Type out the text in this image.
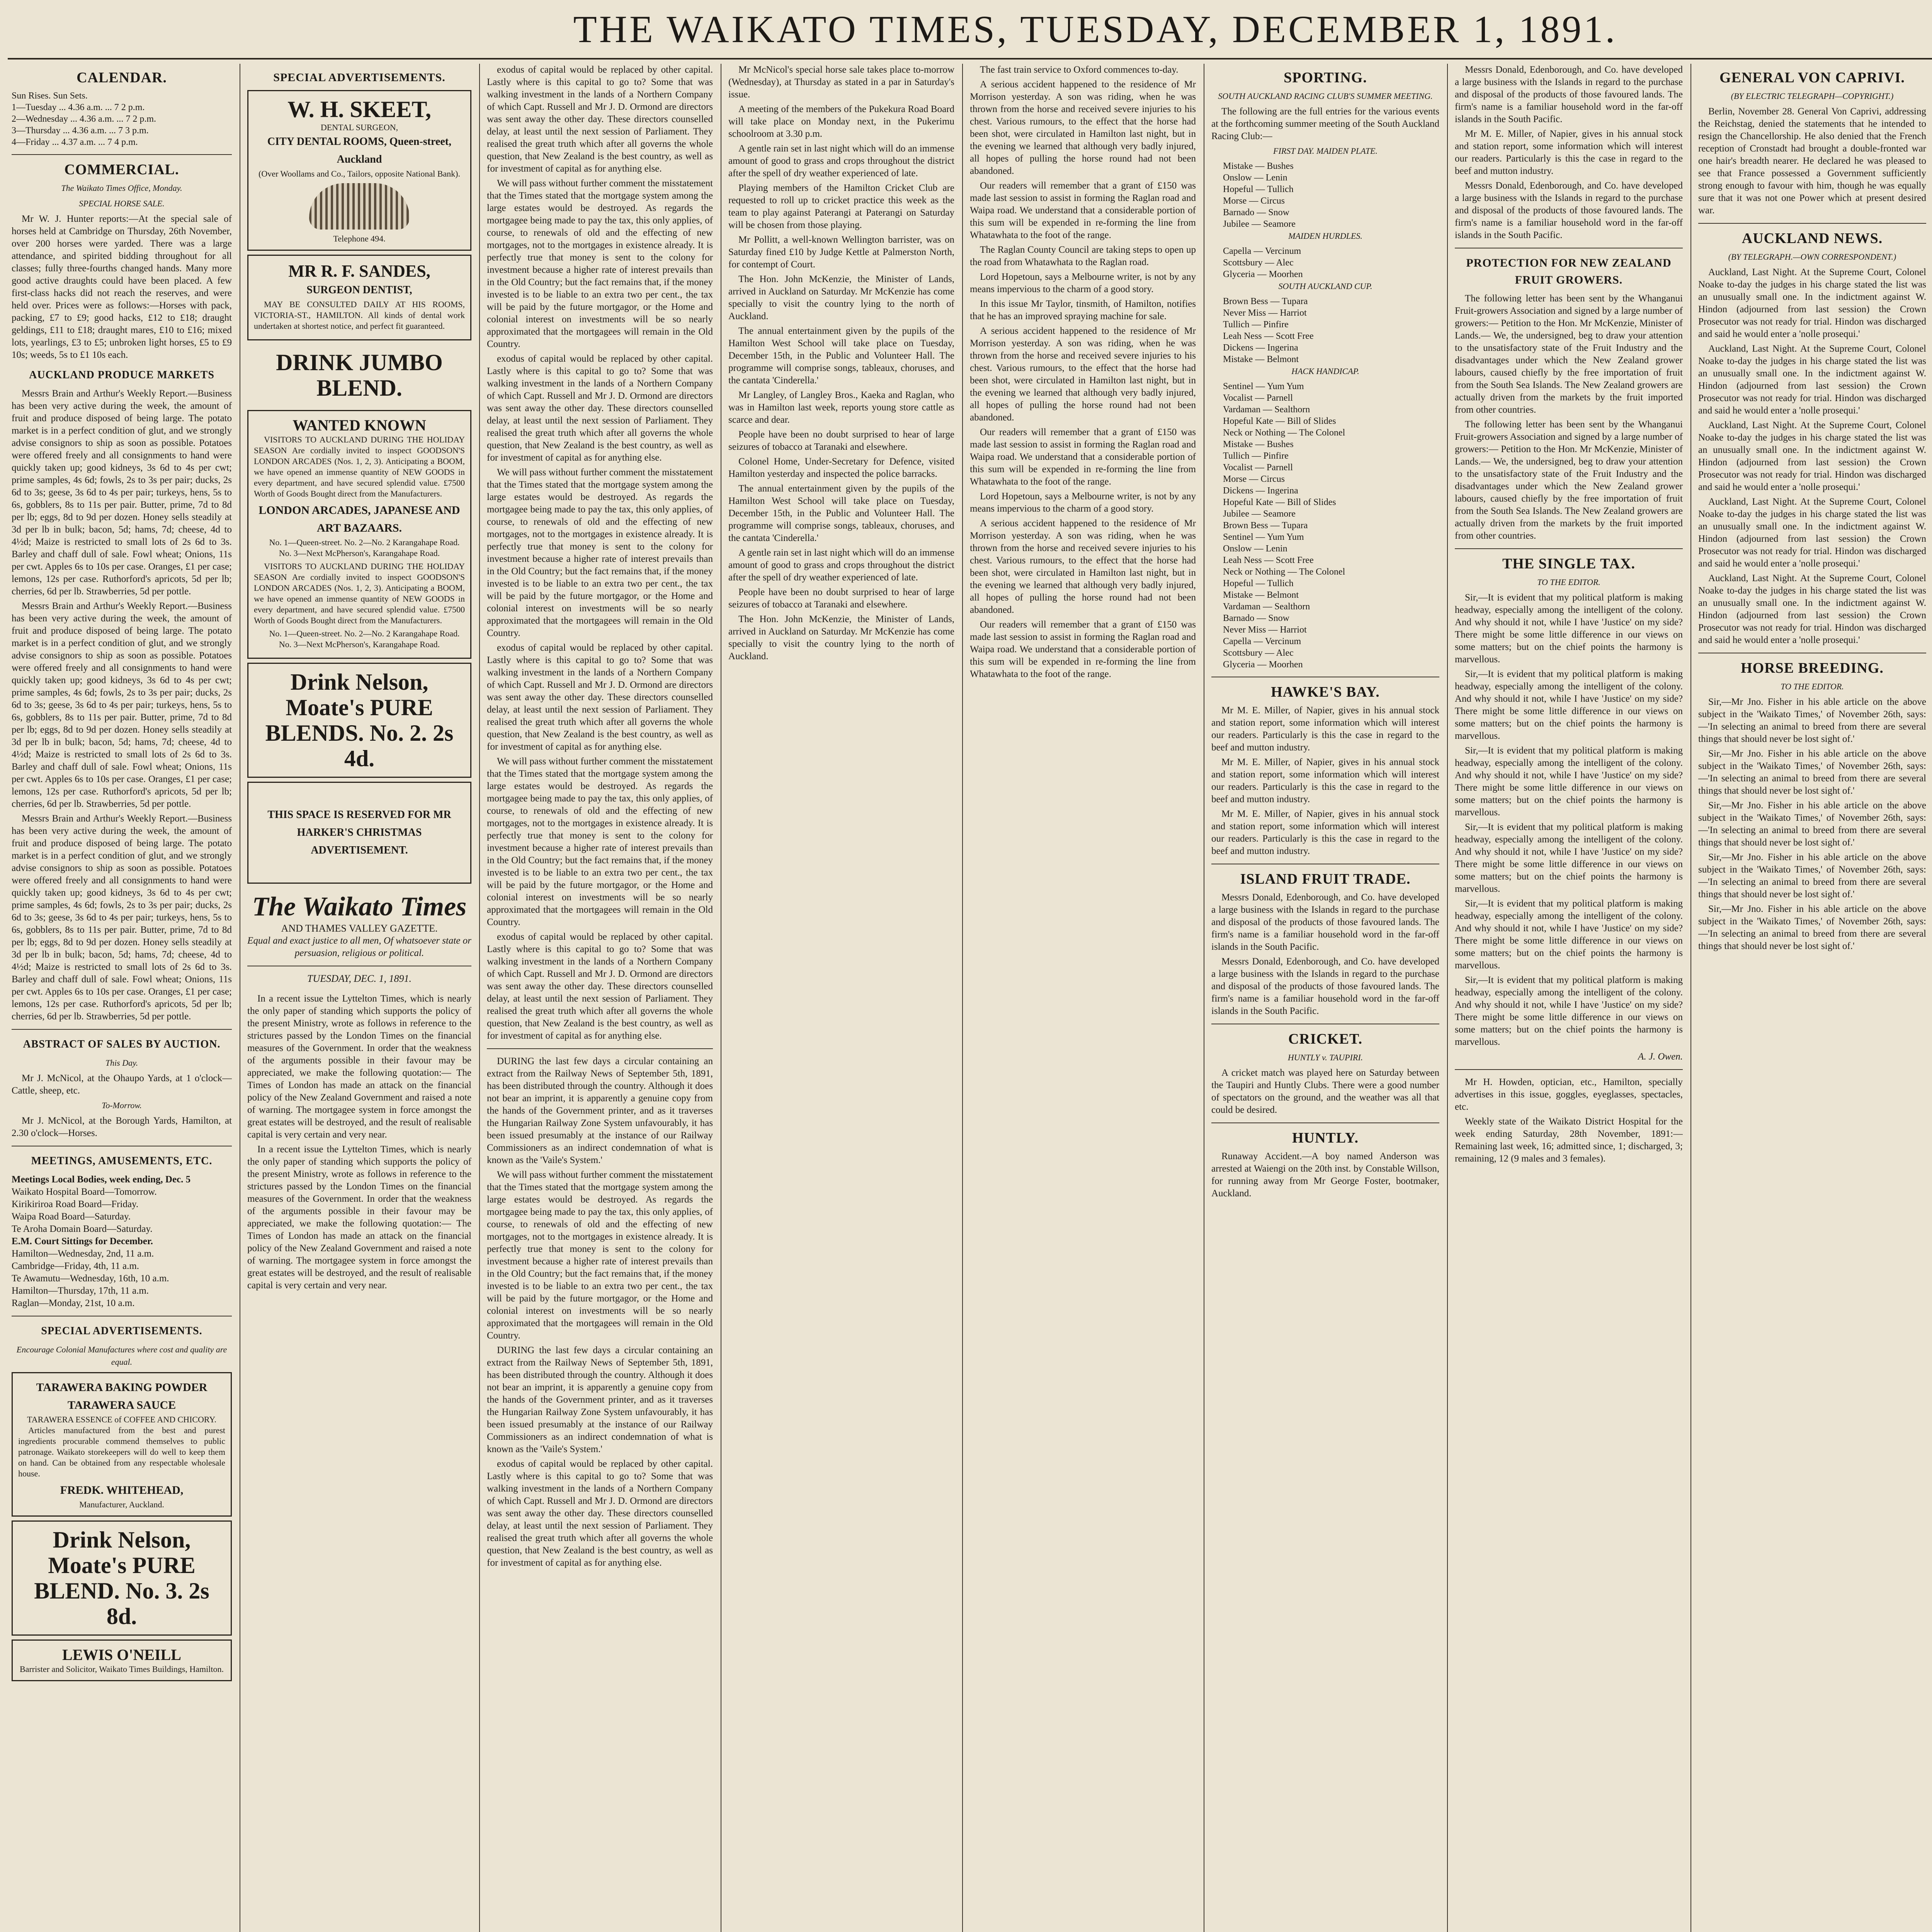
THE WAIKATO TIMES, TUESDAY, DECEMBER 1, 1891.
CALENDAR.
Sun Rises. Sun Sets.
1—Tuesday ... 4.36 a.m. ... 7 2 p.m.
2—Wednesday ... 4.36 a.m. ... 7 2 p.m.
3—Thursday ... 4.36 a.m. ... 7 3 p.m.
4—Friday ... 4.37 a.m. ... 7 4 p.m.
COMMERCIAL.
The Waikato Times Office, Monday.
SPECIAL HORSE SALE.

Mr W. J. Hunter reports:—At the special sale of horses held at Cambridge on Thursday, 26th November, over 200 horses were yarded. There was a large attendance, and spirited bidding throughout for all classes; fully three-fourths changed hands. Many more good active draughts could have been placed. A few first-class hacks did not reach the reserves, and were held over. Prices were as follows:—Horses with pack, packing, £7 to £9; good hacks, £12 to £18; draught geldings, £11 to £18; draught mares, £10 to £16; mixed lots, yearlings, £3 to £5; unbroken light horses, £5 to £9 10s; weeds, 5s to £1 10s each.

AUCKLAND PRODUCE MARKETS

Messrs Brain and Arthur's Weekly Report.—Business has been very active during the week, the amount of fruit and produce disposed of being large. The potato market is in a perfect condition of glut, and we strongly advise consignors to ship as soon as possible. Potatoes were offered freely and all consignments to hand were quickly taken up; good kidneys, 3s 6d to 4s per cwt; prime samples, 4s 6d; fowls, 2s to 3s per pair; ducks, 2s 6d to 3s; geese, 3s 6d to 4s per pair; turkeys, hens, 5s to 6s, gobblers, 8s to 11s per pair. Butter, prime, 7d to 8d per lb; eggs, 8d to 9d per dozen. Honey sells steadily at 3d per lb in bulk; bacon, 5d; hams, 7d; cheese, 4d to 4½d; Maize is restricted to small lots of 2s 6d to 3s. Barley and chaff dull of sale. Fowl wheat; Onions, 11s per cwt. Apples 6s to 10s per case. Oranges, £1 per case; lemons, 12s per case. Ruthorford's apricots, 5d per lb; cherries, 6d per lb. Strawberries, 5d per pottle.

Messrs Brain and Arthur's Weekly Report.—Business has been very active during the week, the amount of fruit and produce disposed of being large. The potato market is in a perfect condition of glut, and we strongly advise consignors to ship as soon as possible. Potatoes were offered freely and all consignments to hand were quickly taken up; good kidneys, 3s 6d to 4s per cwt; prime samples, 4s 6d; fowls, 2s to 3s per pair; ducks, 2s 6d to 3s; geese, 3s 6d to 4s per pair; turkeys, hens, 5s to 6s, gobblers, 8s to 11s per pair. Butter, prime, 7d to 8d per lb; eggs, 8d to 9d per dozen. Honey sells steadily at 3d per lb in bulk; bacon, 5d; hams, 7d; cheese, 4d to 4½d; Maize is restricted to small lots of 2s 6d to 3s. Barley and chaff dull of sale. Fowl wheat; Onions, 11s per cwt. Apples 6s to 10s per case. Oranges, £1 per case; lemons, 12s per case. Ruthorford's apricots, 5d per lb; cherries, 6d per lb. Strawberries, 5d per pottle.

Messrs Brain and Arthur's Weekly Report.—Business has been very active during the week, the amount of fruit and produce disposed of being large. The potato market is in a perfect condition of glut, and we strongly advise consignors to ship as soon as possible. Potatoes were offered freely and all consignments to hand were quickly taken up; good kidneys, 3s 6d to 4s per cwt; prime samples, 4s 6d; fowls, 2s to 3s per pair; ducks, 2s 6d to 3s; geese, 3s 6d to 4s per pair; turkeys, hens, 5s to 6s, gobblers, 8s to 11s per pair. Butter, prime, 7d to 8d per lb; eggs, 8d to 9d per dozen. Honey sells steadily at 3d per lb in bulk; bacon, 5d; hams, 7d; cheese, 4d to 4½d; Maize is restricted to small lots of 2s 6d to 3s. Barley and chaff dull of sale. Fowl wheat; Onions, 11s per cwt. Apples 6s to 10s per case. Oranges, £1 per case; lemons, 12s per case. Ruthorford's apricots, 5d per lb; cherries, 6d per lb. Strawberries, 5d per pottle.

ABSTRACT OF SALES BY AUCTION.
This Day.

Mr J. McNicol, at the Ohaupo Yards, at 1 o'clock—Cattle, sheep, etc.

To-Morrow.

Mr J. McNicol, at the Borough Yards, Hamilton, at 2.30 o'clock—Horses.

MEETINGS, AMUSEMENTS, ETC.
Meetings Local Bodies, week ending, Dec. 5
Waikato Hospital Board—Tomorrow.
Kirikiriroa Road Board—Friday.
Waipa Road Board—Saturday.
Te Aroha Domain Board—Saturday.
E.M. Court Sittings for December.
Hamilton—Wednesday, 2nd, 11 a.m.
Cambridge—Friday, 4th, 11 a.m.
Te Awamutu—Wednesday, 16th, 10 a.m.
Hamilton—Thursday, 17th, 11 a.m.
Raglan—Monday, 21st, 10 a.m.
SPECIAL ADVERTISEMENTS.
Encourage Colonial Manufactures where cost and quality are equal.
TARAWERA BAKING POWDER
TARAWERA SAUCE
TARAWERA ESSENCE of COFFEE AND CHICORY.

Articles manufactured from the best and purest ingredients procurable commend themselves to public patronage. Waikato storekeepers will do well to keep them on hand. Can be obtained from any respectable wholesale house.

FREDK. WHITEHEAD,
Manufacturer, Auckland.
Drink Nelson, Moate's PURE BLEND. No. 3. 2s 8d.
LEWIS O'NEILL
Barrister and Solicitor, Waikato Times Buildings, Hamilton.
SPECIAL ADVERTISEMENTS.
W. H. SKEET,
DENTAL SURGEON,
CITY DENTAL ROOMS, Queen-street, Auckland
(Over Woollams and Co., Tailors, opposite National Bank).
Telephone 494.
MR R. F. SANDES,
SURGEON DENTIST,

MAY BE CONSULTED DAILY AT HIS ROOMS, VICTORIA-ST., HAMILTON. All kinds of dental work undertaken at shortest notice, and perfect fit guaranteed.

DRINK JUMBO BLEND.
WANTED KNOWN

VISITORS TO AUCKLAND DURING THE HOLIDAY SEASON Are cordially invited to inspect GOODSON'S LONDON ARCADES (Nos. 1, 2, 3). Anticipating a BOOM, we have opened an immense quantity of NEW GOODS in every department, and have secured splendid value. £7500 Worth of Goods Bought direct from the Manufacturers.

LONDON ARCADES, JAPANESE AND ART BAZAARS.

No. 1—Queen-street. No. 2—No. 2 Karangahape Road. No. 3—Next McPherson's, Karangahape Road.

VISITORS TO AUCKLAND DURING THE HOLIDAY SEASON Are cordially invited to inspect GOODSON'S LONDON ARCADES (Nos. 1, 2, 3). Anticipating a BOOM, we have opened an immense quantity of NEW GOODS in every department, and have secured splendid value. £7500 Worth of Goods Bought direct from the Manufacturers.

No. 1—Queen-street. No. 2—No. 2 Karangahape Road. No. 3—Next McPherson's, Karangahape Road.

Drink Nelson, Moate's PURE BLENDS. No. 2. 2s 4d.
THIS SPACE IS RESERVED FOR MR HARKER'S CHRISTMAS ADVERTISEMENT.
The Waikato Times
AND THAMES VALLEY GAZETTE.
Equal and exact justice to all men, Of whatsoever state or persuasion, religious or political.
TUESDAY, DEC. 1, 1891.

In a recent issue the Lyttelton Times, which is nearly the only paper of standing which supports the policy of the present Ministry, wrote as follows in reference to the strictures passed by the London Times on the financial measures of the Government. In order that the weakness of the arguments possible in their favour may be appreciated, we make the following quotation:— The Times of London has made an attack on the financial policy of the New Zealand Government and raised a note of warning. The mortgagee system in force amongst the great estates will be destroyed, and the result of realisable capital is very certain and very near.

In a recent issue the Lyttelton Times, which is nearly the only paper of standing which supports the policy of the present Ministry, wrote as follows in reference to the strictures passed by the London Times on the financial measures of the Government. In order that the weakness of the arguments possible in their favour may be appreciated, we make the following quotation:— The Times of London has made an attack on the financial policy of the New Zealand Government and raised a note of warning. The mortgagee system in force amongst the great estates will be destroyed, and the result of realisable capital is very certain and very near.

exodus of capital would be replaced by other capital. Lastly where is this capital to go to? Some that was walking investment in the lands of a Northern Company of which Capt. Russell and Mr J. D. Ormond are directors was sent away the other day. These directors counselled delay, at least until the next session of Parliament. They realised the great truth which after all governs the whole question, that New Zealand is the best country, as well as for investment of capital as for anything else.

We will pass without further comment the misstatement that the Times stated that the mortgage system among the large estates would be destroyed. As regards the mortgagee being made to pay the tax, this only applies, of course, to renewals of old and the effecting of new mortgages, not to the mortgages in existence already. It is perfectly true that money is sent to the colony for investment because a higher rate of interest prevails than in the Old Country; but the fact remains that, if the money invested is to be liable to an extra two per cent., the tax will be paid by the future mortgagor, or the Home and colonial interest on investments will be so nearly approximated that the mortgagees will remain in the Old Country.

exodus of capital would be replaced by other capital. Lastly where is this capital to go to? Some that was walking investment in the lands of a Northern Company of which Capt. Russell and Mr J. D. Ormond are directors was sent away the other day. These directors counselled delay, at least until the next session of Parliament. They realised the great truth which after all governs the whole question, that New Zealand is the best country, as well as for investment of capital as for anything else.

We will pass without further comment the misstatement that the Times stated that the mortgage system among the large estates would be destroyed. As regards the mortgagee being made to pay the tax, this only applies, of course, to renewals of old and the effecting of new mortgages, not to the mortgages in existence already. It is perfectly true that money is sent to the colony for investment because a higher rate of interest prevails than in the Old Country; but the fact remains that, if the money invested is to be liable to an extra two per cent., the tax will be paid by the future mortgagor, or the Home and colonial interest on investments will be so nearly approximated that the mortgagees will remain in the Old Country.

exodus of capital would be replaced by other capital. Lastly where is this capital to go to? Some that was walking investment in the lands of a Northern Company of which Capt. Russell and Mr J. D. Ormond are directors was sent away the other day. These directors counselled delay, at least until the next session of Parliament. They realised the great truth which after all governs the whole question, that New Zealand is the best country, as well as for investment of capital as for anything else.

We will pass without further comment the misstatement that the Times stated that the mortgage system among the large estates would be destroyed. As regards the mortgagee being made to pay the tax, this only applies, of course, to renewals of old and the effecting of new mortgages, not to the mortgages in existence already. It is perfectly true that money is sent to the colony for investment because a higher rate of interest prevails than in the Old Country; but the fact remains that, if the money invested is to be liable to an extra two per cent., the tax will be paid by the future mortgagor, or the Home and colonial interest on investments will be so nearly approximated that the mortgagees will remain in the Old Country.

exodus of capital would be replaced by other capital. Lastly where is this capital to go to? Some that was walking investment in the lands of a Northern Company of which Capt. Russell and Mr J. D. Ormond are directors was sent away the other day. These directors counselled delay, at least until the next session of Parliament. They realised the great truth which after all governs the whole question, that New Zealand is the best country, as well as for investment of capital as for anything else.

DURING the last few days a circular containing an extract from the Railway News of September 5th, 1891, has been distributed through the country. Although it does not bear an imprint, it is apparently a genuine copy from the hands of the Government printer, and as it traverses the Hungarian Railway Zone System unfavourably, it has been issued presumably at the instance of our Railway Commissioners as an indirect condemnation of what is known as the 'Vaile's System.'

We will pass without further comment the misstatement that the Times stated that the mortgage system among the large estates would be destroyed. As regards the mortgagee being made to pay the tax, this only applies, of course, to renewals of old and the effecting of new mortgages, not to the mortgages in existence already. It is perfectly true that money is sent to the colony for investment because a higher rate of interest prevails than in the Old Country; but the fact remains that, if the money invested is to be liable to an extra two per cent., the tax will be paid by the future mortgagor, or the Home and colonial interest on investments will be so nearly approximated that the mortgagees will remain in the Old Country.

DURING the last few days a circular containing an extract from the Railway News of September 5th, 1891, has been distributed through the country. Although it does not bear an imprint, it is apparently a genuine copy from the hands of the Government printer, and as it traverses the Hungarian Railway Zone System unfavourably, it has been issued presumably at the instance of our Railway Commissioners as an indirect condemnation of what is known as the 'Vaile's System.'

exodus of capital would be replaced by other capital. Lastly where is this capital to go to? Some that was walking investment in the lands of a Northern Company of which Capt. Russell and Mr J. D. Ormond are directors was sent away the other day. These directors counselled delay, at least until the next session of Parliament. They realised the great truth which after all governs the whole question, that New Zealand is the best country, as well as for investment of capital as for anything else.

Mr McNicol's special horse sale takes place to-morrow (Wednesday), at Thursday as stated in a par in Saturday's issue.

A meeting of the members of the Pukekura Road Board will take place on Monday next, in the Pukerimu schoolroom at 3.30 p.m.

A gentle rain set in last night which will do an immense amount of good to grass and crops throughout the district after the spell of dry weather experienced of late.

Playing members of the Hamilton Cricket Club are requested to roll up to cricket practice this week as the team to play against Paterangi at Paterangi on Saturday will be chosen from those playing.

Mr Pollitt, a well-known Wellington barrister, was on Saturday fined £10 by Judge Kettle at Palmerston North, for contempt of Court.

The Hon. John McKenzie, the Minister of Lands, arrived in Auckland on Saturday. Mr McKenzie has come specially to visit the country lying to the north of Auckland.

The annual entertainment given by the pupils of the Hamilton West School will take place on Tuesday, December 15th, in the Public and Volunteer Hall. The programme will comprise songs, tableaux, choruses, and the cantata 'Cinderella.'

Mr Langley, of Langley Bros., Kaeka and Raglan, who was in Hamilton last week, reports young store cattle as scarce and dear.

People have been no doubt surprised to hear of large seizures of tobacco at Taranaki and elsewhere.

Colonel Home, Under-Secretary for Defence, visited Hamilton yesterday and inspected the police barracks.

The annual entertainment given by the pupils of the Hamilton West School will take place on Tuesday, December 15th, in the Public and Volunteer Hall. The programme will comprise songs, tableaux, choruses, and the cantata 'Cinderella.'

A gentle rain set in last night which will do an immense amount of good to grass and crops throughout the district after the spell of dry weather experienced of late.

People have been no doubt surprised to hear of large seizures of tobacco at Taranaki and elsewhere.

The Hon. John McKenzie, the Minister of Lands, arrived in Auckland on Saturday. Mr McKenzie has come specially to visit the country lying to the north of Auckland.

The fast train service to Oxford commences to-day.

A serious accident happened to the residence of Mr Morrison yesterday. A son was riding, when he was thrown from the horse and received severe injuries to his chest. Various rumours, to the effect that the horse had been shot, were circulated in Hamilton last night, but in the evening we learned that although very badly injured, all hopes of pulling the horse round had not been abandoned.

Our readers will remember that a grant of £150 was made last session to assist in forming the Raglan road and Waipa road. We understand that a considerable portion of this sum will be expended in re-forming the line from Whatawhata to the foot of the range.

The Raglan County Council are taking steps to open up the road from Whatawhata to the Raglan road.

Lord Hopetoun, says a Melbourne writer, is not by any means impervious to the charm of a good story.

In this issue Mr Taylor, tinsmith, of Hamilton, notifies that he has an improved spraying machine for sale.

A serious accident happened to the residence of Mr Morrison yesterday. A son was riding, when he was thrown from the horse and received severe injuries to his chest. Various rumours, to the effect that the horse had been shot, were circulated in Hamilton last night, but in the evening we learned that although very badly injured, all hopes of pulling the horse round had not been abandoned.

Our readers will remember that a grant of £150 was made last session to assist in forming the Raglan road and Waipa road. We understand that a considerable portion of this sum will be expended in re-forming the line from Whatawhata to the foot of the range.

Lord Hopetoun, says a Melbourne writer, is not by any means impervious to the charm of a good story.

A serious accident happened to the residence of Mr Morrison yesterday. A son was riding, when he was thrown from the horse and received severe injuries to his chest. Various rumours, to the effect that the horse had been shot, were circulated in Hamilton last night, but in the evening we learned that although very badly injured, all hopes of pulling the horse round had not been abandoned.

Our readers will remember that a grant of £150 was made last session to assist in forming the Raglan road and Waipa road. We understand that a considerable portion of this sum will be expended in re-forming the line from Whatawhata to the foot of the range.

SPORTING.
SOUTH AUCKLAND RACING CLUB'S SUMMER MEETING.

The following are the full entries for the various events at the forthcoming summer meeting of the South Auckland Racing Club:—

FIRST DAY. MAIDEN PLATE.
Mistake — Bushes
Onslow — Lenin
Hopeful — Tullich
Morse — Circus
Barnado — Snow
Jubilee — Seamore
MAIDEN HURDLES.
Capella — Vercinum
Scottsbury — Alec
Glyceria — Moorhen
SOUTH AUCKLAND CUP.
Brown Bess — Tupara
Never Miss — Harriot
Tullich — Pinfire
Leah Ness — Scott Free
Dickens — Ingerina
Mistake — Belmont
HACK HANDICAP.
Sentinel — Yum Yum
Vocalist — Parnell
Vardaman — Sealthorn
Hopeful Kate — Bill of Slides
Neck or Nothing — The Colonel
Mistake — Bushes
Tullich — Pinfire
Vocalist — Parnell
Morse — Circus
Dickens — Ingerina
Hopeful Kate — Bill of Slides
Jubilee — Seamore
Brown Bess — Tupara
Sentinel — Yum Yum
Onslow — Lenin
Leah Ness — Scott Free
Neck or Nothing — The Colonel
Hopeful — Tullich
Mistake — Belmont
Vardaman — Sealthorn
Barnado — Snow
Never Miss — Harriot
Capella — Vercinum
Scottsbury — Alec
Glyceria — Moorhen
HAWKE'S BAY.

Mr M. E. Miller, of Napier, gives in his annual stock and station report, some information which will interest our readers. Particularly is this the case in regard to the beef and mutton industry.

Mr M. E. Miller, of Napier, gives in his annual stock and station report, some information which will interest our readers. Particularly is this the case in regard to the beef and mutton industry.

Mr M. E. Miller, of Napier, gives in his annual stock and station report, some information which will interest our readers. Particularly is this the case in regard to the beef and mutton industry.

ISLAND FRUIT TRADE.

Messrs Donald, Edenborough, and Co. have developed a large business with the Islands in regard to the purchase and disposal of the products of those favoured lands. The firm's name is a familiar household word in the far-off islands in the South Pacific.

Messrs Donald, Edenborough, and Co. have developed a large business with the Islands in regard to the purchase and disposal of the products of those favoured lands. The firm's name is a familiar household word in the far-off islands in the South Pacific.

CRICKET.
HUNTLY v. TAUPIRI.

A cricket match was played here on Saturday between the Taupiri and Huntly Clubs. There were a good number of spectators on the ground, and the weather was all that could be desired.

HUNTLY.

Runaway Accident.—A boy named Anderson was arrested at Waiengi on the 20th inst. by Constable Willson, for running away from Mr George Foster, bootmaker, Auckland.

Messrs Donald, Edenborough, and Co. have developed a large business with the Islands in regard to the purchase and disposal of the products of those favoured lands. The firm's name is a familiar household word in the far-off islands in the South Pacific.

Mr M. E. Miller, of Napier, gives in his annual stock and station report, some information which will interest our readers. Particularly is this the case in regard to the beef and mutton industry.

Messrs Donald, Edenborough, and Co. have developed a large business with the Islands in regard to the purchase and disposal of the products of those favoured lands. The firm's name is a familiar household word in the far-off islands in the South Pacific.

PROTECTION FOR NEW ZEALAND FRUIT GROWERS.

The following letter has been sent by the Whanganui Fruit-growers Association and signed by a large number of growers:— Petition to the Hon. Mr McKenzie, Minister of Lands.— We, the undersigned, beg to draw your attention to the unsatisfactory state of the Fruit Industry and the disadvantages under which the New Zealand grower labours, caused chiefly by the free importation of fruit from the South Sea Islands. The New Zealand growers are actually driven from the markets by the fruit imported from other countries.

The following letter has been sent by the Whanganui Fruit-growers Association and signed by a large number of growers:— Petition to the Hon. Mr McKenzie, Minister of Lands.— We, the undersigned, beg to draw your attention to the unsatisfactory state of the Fruit Industry and the disadvantages under which the New Zealand grower labours, caused chiefly by the free importation of fruit from the South Sea Islands. The New Zealand growers are actually driven from the markets by the fruit imported from other countries.

THE SINGLE TAX.
TO THE EDITOR.

Sir,—It is evident that my political platform is making headway, especially among the intelligent of the colony. And why should it not, while I have 'Justice' on my side? There might be some little difference in our views on some matters; but on the chief points the harmony is marvellous.

Sir,—It is evident that my political platform is making headway, especially among the intelligent of the colony. And why should it not, while I have 'Justice' on my side? There might be some little difference in our views on some matters; but on the chief points the harmony is marvellous.

Sir,—It is evident that my political platform is making headway, especially among the intelligent of the colony. And why should it not, while I have 'Justice' on my side? There might be some little difference in our views on some matters; but on the chief points the harmony is marvellous.

Sir,—It is evident that my political platform is making headway, especially among the intelligent of the colony. And why should it not, while I have 'Justice' on my side? There might be some little difference in our views on some matters; but on the chief points the harmony is marvellous.

Sir,—It is evident that my political platform is making headway, especially among the intelligent of the colony. And why should it not, while I have 'Justice' on my side? There might be some little difference in our views on some matters; but on the chief points the harmony is marvellous.

Sir,—It is evident that my political platform is making headway, especially among the intelligent of the colony. And why should it not, while I have 'Justice' on my side? There might be some little difference in our views on some matters; but on the chief points the harmony is marvellous.

A. J. Owen.

Mr H. Howden, optician, etc., Hamilton, specially advertises in this issue, goggles, eyeglasses, spectacles, etc.

Weekly state of the Waikato District Hospital for the week ending Saturday, 28th November, 1891:—Remaining last week, 16; admitted since, 1; discharged, 3; remaining, 12 (9 males and 3 females).

GENERAL VON CAPRIVI.
(BY ELECTRIC TELEGRAPH—COPYRIGHT.)

Berlin, November 28. General Von Caprivi, addressing the Reichstag, denied the statements that he intended to resign the Chancellorship. He also denied that the French reception of Cronstadt had brought a double-fronted war one hair's breadth nearer. He declared he was pleased to see that France possessed a Government sufficiently strong enough to favour with him, though he was equally sure that it was not one Power which at present desired war.

AUCKLAND NEWS.
(BY TELEGRAPH.—OWN CORRESPONDENT.)

Auckland, Last Night. At the Supreme Court, Colonel Noake to-day the judges in his charge stated the list was an unusually small one. In the indictment against W. Hindon (adjourned from last session) the Crown Prosecutor was not ready for trial. Hindon was discharged and said he would enter a 'nolle prosequi.'

Auckland, Last Night. At the Supreme Court, Colonel Noake to-day the judges in his charge stated the list was an unusually small one. In the indictment against W. Hindon (adjourned from last session) the Crown Prosecutor was not ready for trial. Hindon was discharged and said he would enter a 'nolle prosequi.'

Auckland, Last Night. At the Supreme Court, Colonel Noake to-day the judges in his charge stated the list was an unusually small one. In the indictment against W. Hindon (adjourned from last session) the Crown Prosecutor was not ready for trial. Hindon was discharged and said he would enter a 'nolle prosequi.'

Auckland, Last Night. At the Supreme Court, Colonel Noake to-day the judges in his charge stated the list was an unusually small one. In the indictment against W. Hindon (adjourned from last session) the Crown Prosecutor was not ready for trial. Hindon was discharged and said he would enter a 'nolle prosequi.'

Auckland, Last Night. At the Supreme Court, Colonel Noake to-day the judges in his charge stated the list was an unusually small one. In the indictment against W. Hindon (adjourned from last session) the Crown Prosecutor was not ready for trial. Hindon was discharged and said he would enter a 'nolle prosequi.'

HORSE BREEDING.
TO THE EDITOR.

Sir,—Mr Jno. Fisher in his able article on the above subject in the 'Waikato Times,' of November 26th, says:—'In selecting an animal to breed from there are several things that should never be lost sight of.'

Sir,—Mr Jno. Fisher in his able article on the above subject in the 'Waikato Times,' of November 26th, says:—'In selecting an animal to breed from there are several things that should never be lost sight of.'

Sir,—Mr Jno. Fisher in his able article on the above subject in the 'Waikato Times,' of November 26th, says:—'In selecting an animal to breed from there are several things that should never be lost sight of.'

Sir,—Mr Jno. Fisher in his able article on the above subject in the 'Waikato Times,' of November 26th, says:—'In selecting an animal to breed from there are several things that should never be lost sight of.'

Sir,—Mr Jno. Fisher in his able article on the above subject in the 'Waikato Times,' of November 26th, says:—'In selecting an animal to breed from there are several things that should never be lost sight of.'
